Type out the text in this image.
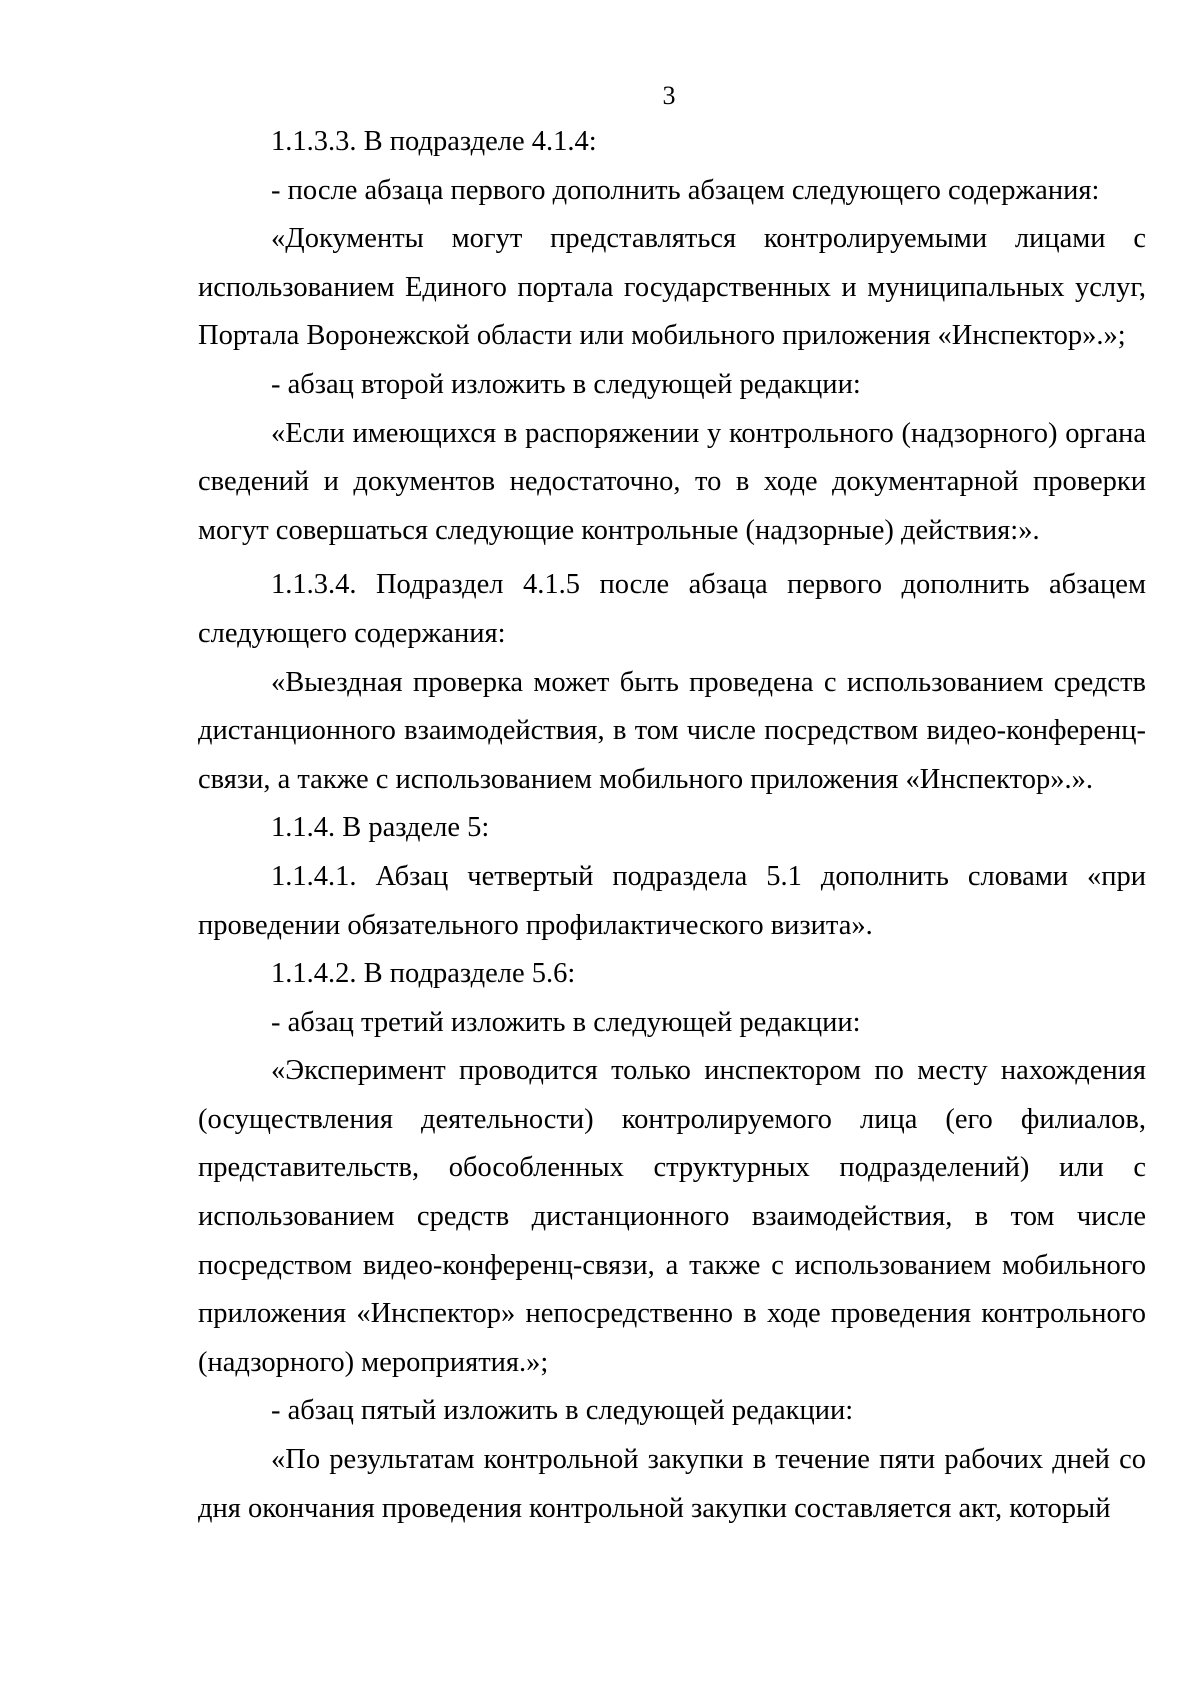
3

1.1.3.3. В подразделе 4.1.4:

- после абзаца первого дополнить абзацем следующего содержания:

«Документы могут представляться контролируемыми лицами с использованием Единого портала государственных и муниципальных услуг, Портала Воронежской области или мобильного приложения «Инспектор».»;

- абзац второй изложить в следующей редакции:

«Если имеющихся в распоряжении у контрольного (надзорного) органа сведений и документов недостаточно, то в ходе документарной проверки могут совершаться следующие контрольные (надзорные) действия:».

1.1.3.4. Подраздел 4.1.5 после абзаца первого дополнить абзацем следующего содержания:

«Выездная проверка может быть проведена с использованием средств дистанционного взаимодействия, в том числе посредством видео-конференц-связи, а также с использованием мобильного приложения «Инспектор».».

1.1.4. В разделе 5:

1.1.4.1. Абзац четвертый подраздела 5.1 дополнить словами «при проведении обязательного профилактического визита».

1.1.4.2. В подразделе 5.6:

- абзац третий изложить в следующей редакции:

«Эксперимент проводится только инспектором по месту нахождения (осуществления деятельности) контролируемого лица (его филиалов, представительств, обособленных структурных подразделений) или с использованием средств дистанционного взаимодействия, в том числе посредством видео-конференц-связи, а также с использованием мобильного приложения «Инспектор» непосредственно в ходе проведения контрольного (надзорного) мероприятия.»;

- абзац пятый изложить в следующей редакции:

«По результатам контрольной закупки в течение пяти рабочих дней со дня окончания проведения контрольной закупки составляется акт, который
